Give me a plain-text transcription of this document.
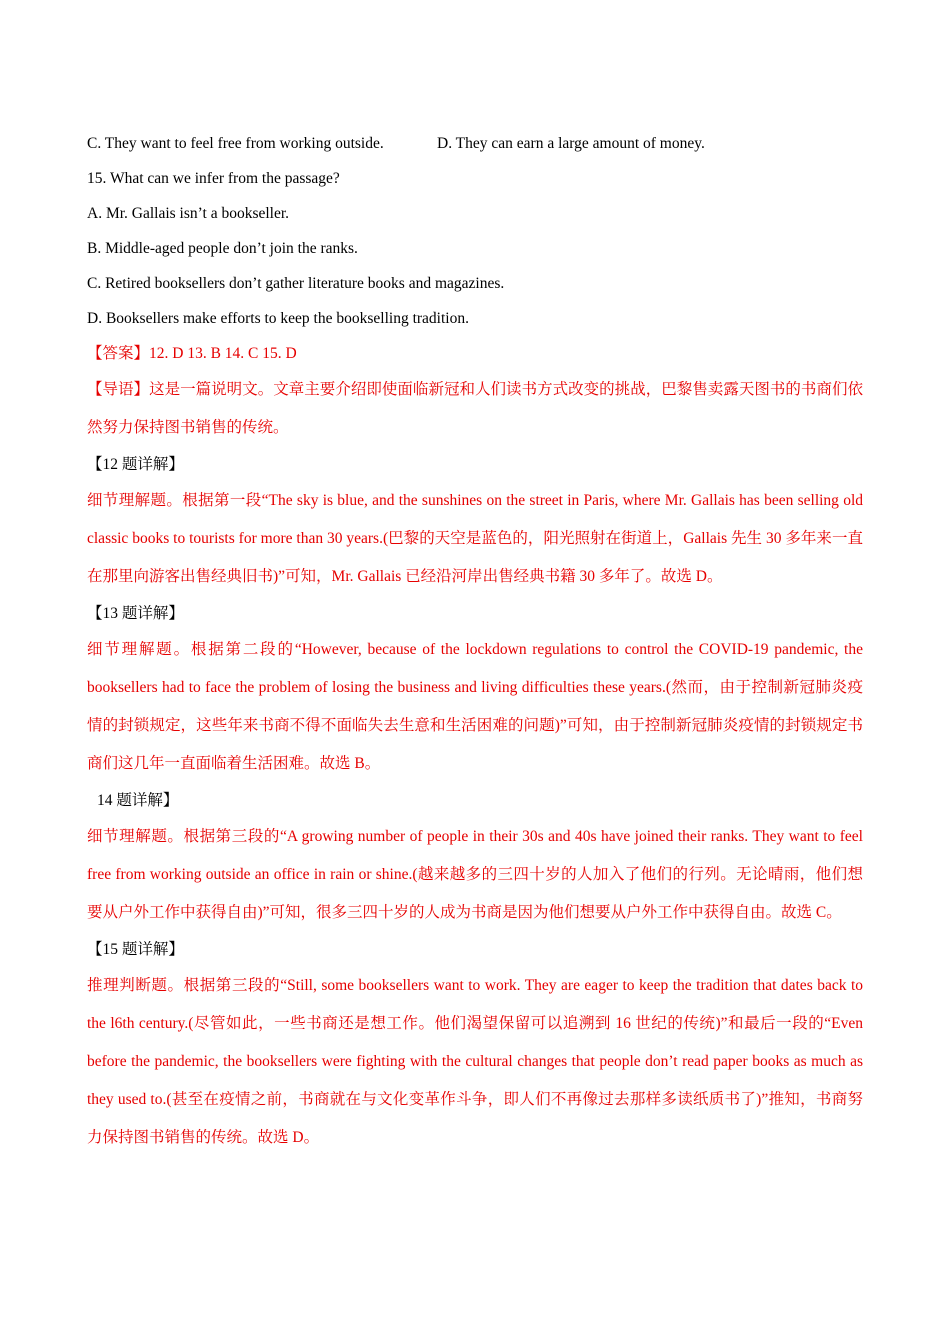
C. They want to feel free from working outside.	D. They can earn a large amount of money.
15. What can we infer from the passage?
A. Mr. Gallais isn’t a bookseller.
B. Middle-aged people don’t join the ranks.
C. Retired booksellers don’t gather literature books and magazines.
D. Booksellers make efforts to keep the bookselling tradition.
【答案】12. D 13. B 14. C 15. D

【导语】这是一篇说明文。文章主要介绍即使面临新冠和人们读书方式改变的挑战，巴黎售卖露天图书的书商们依然努力保持图书销售的传统。

【12 题详解】

细节理解题。根据第一段“The sky is blue, and the sunshines on the street in Paris, where Mr. Gallais has been selling old classic books to tourists for more than 30 years.(巴黎的天空是蓝色的，阳光照射在街道上，Gallais 先生 30 多年来一直在那里向游客出售经典旧书)”可知，Mr. Gallais 已经沿河岸出售经典书籍 30 多年了。故选 D。

【13 题详解】

细节理解题。根据第二段的“However, because of the lockdown regulations to control the COVID-19 pandemic, the booksellers had to face the problem of losing the business and living difficulties these years.(然而，由于控制新冠肺炎疫情的封锁规定，这些年来书商不得不面临失去生意和生活困难的问题)”可知，由于控制新冠肺炎疫情的封锁规定书商们这几年一直面临着生活困难。故选 B。

14 题详解】

细节理解题。根据第三段的“A growing number of people in their 30s and 40s have joined their ranks. They want to feel free from working outside an office in rain or shine.(越来越多的三四十岁的人加入了他们的行列。无论晴雨，他们想要从户外工作中获得自由)”可知，很多三四十岁的人成为书商是因为他们想要从户外工作中获得自由。故选 C。

【15 题详解】

推理判断题。根据第三段的“Still, some booksellers want to work. They are eager to keep the tradition that dates back to the l6th century.(尽管如此，一些书商还是想工作。他们渴望保留可以追溯到 16 世纪的传统)”和最后一段的“Even before the pandemic, the booksellers were fighting with the cultural changes that people don’t read paper books as much as they used to.(甚至在疫情之前，书商就在与文化变革作斗争，即人们不再像过去那样多读纸质书了)”推知，书商努力保持图书销售的传统。故选 D。
